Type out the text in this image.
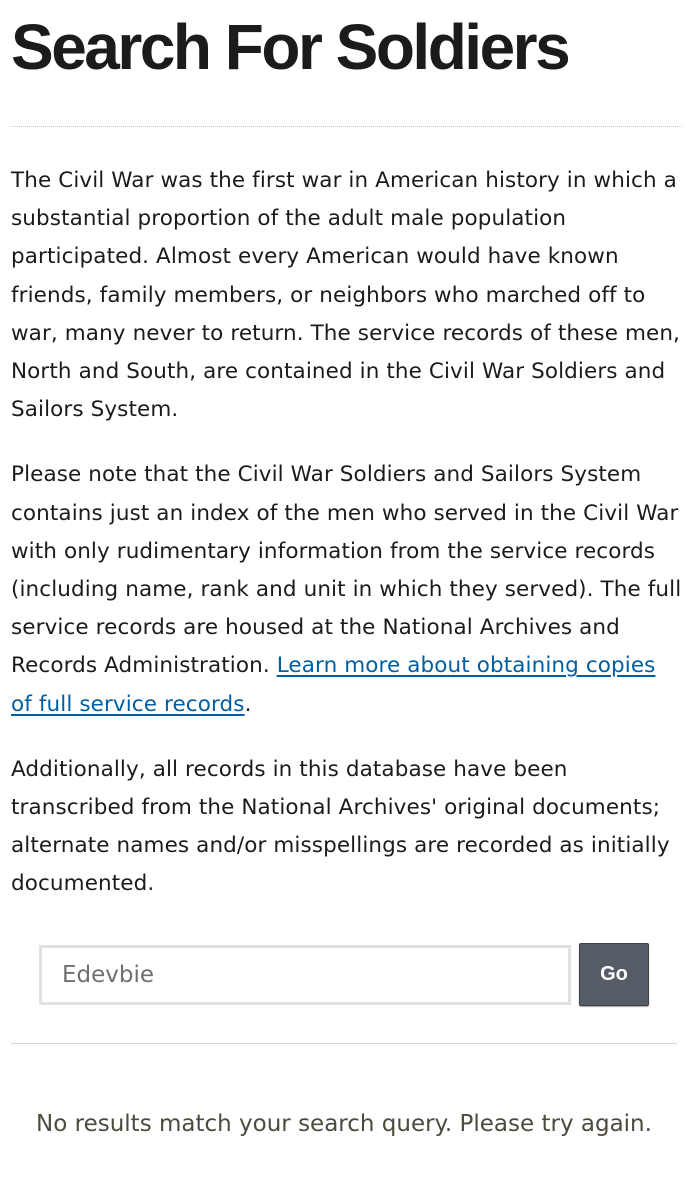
Search For Soldiers

The Civil War was the first war in American history in which a substantial proportion of the adult male population participated. Almost every American would have known friends, family members, or neighbors who marched off to war, many never to return. The service records of these men, North and South, are contained in the Civil War Soldiers and Sailors System.

Please note that the Civil War Soldiers and Sailors System contains just an index of the men who served in the Civil War with only rudimentary information from the service records (including name, rank and unit in which they served). The full service records are housed at the National Archives and Records Administration. Learn more about obtaining copies of full service records.

Additionally, all records in this database have been transcribed from the National Archives' original documents; alternate names and/or misspellings are recorded as initially documented.

Edevbie
Go

No results match your search query. Please try again.
